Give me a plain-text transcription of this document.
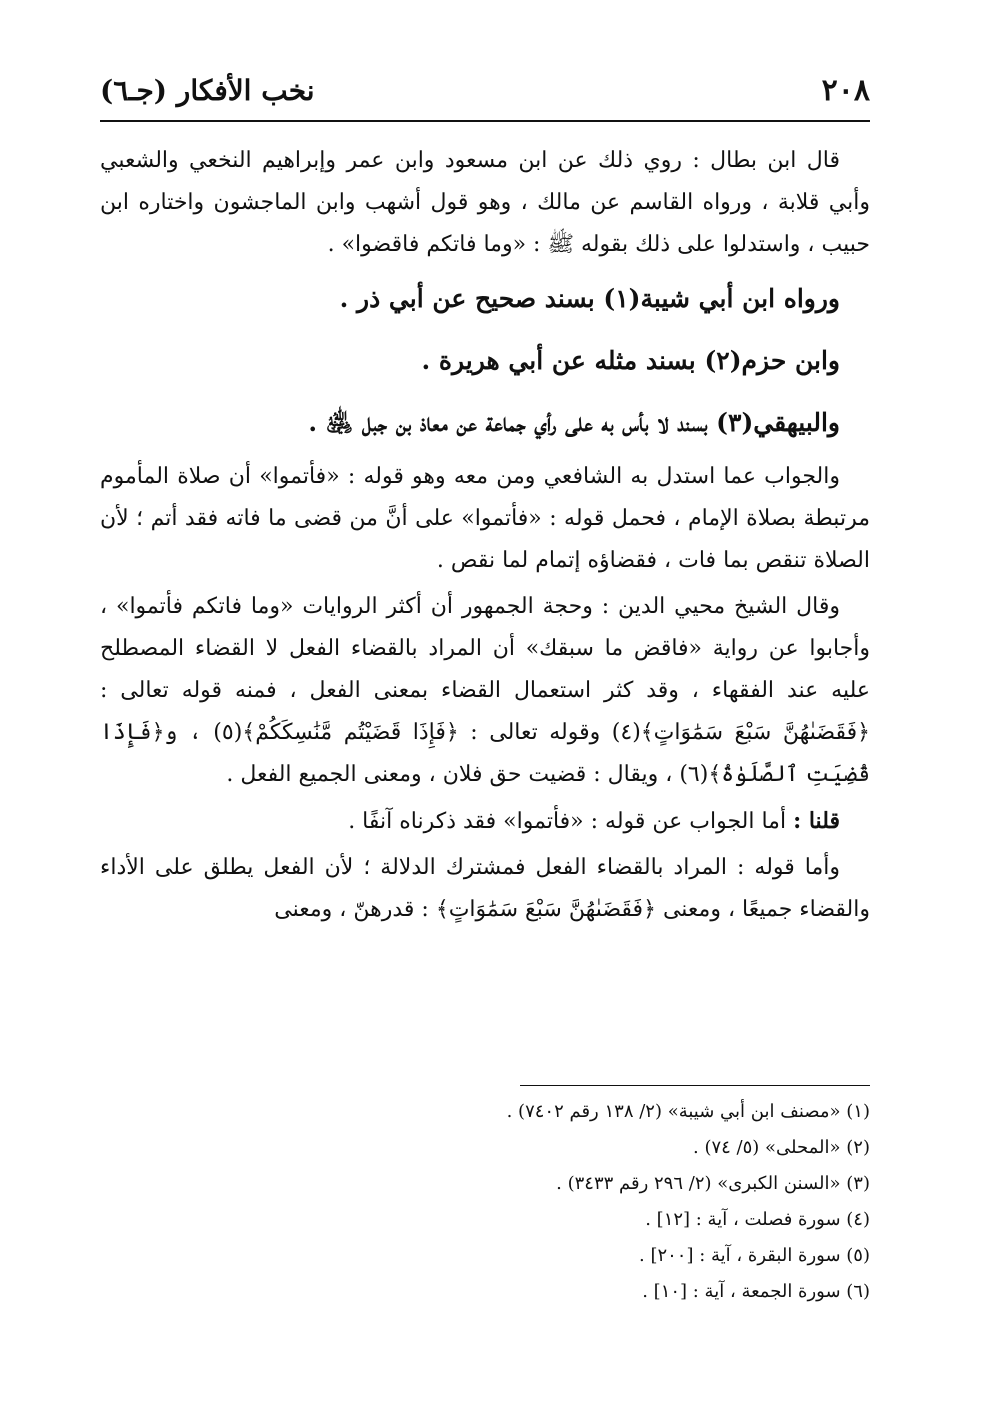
٢٠٨
نخب الأفكار (جـ٦)

قال ابن بطال : روي ذلك عن ابن مسعود وابن عمر وإبراهيم النخعي والشعبي وأبي قلابة ، ورواه القاسم عن مالك ، وهو قول أشهب وابن الماجشون واختاره ابن حبيب ، واستدلوا على ذلك بقوله ﷺ : «وما فاتكم فاقضوا» .

ورواه ابن أبي شيبة(١) بسند صحيح عن أبي ذر .

وابن حزم(٢) بسند مثله عن أبي هريرة .

والبيهقي(٣) بسند لا بأس به على رأي جماعة عن معاذ بن جبل ﵁ .

والجواب عما استدل به الشافعي ومن معه وهو قوله : «فأتموا» أن صلاة المأموم مرتبطة بصلاة الإمام ، فحمل قوله : «فأتموا» على أنَّ من قضى ما فاته فقد أتم ؛ لأن الصلاة تنقص بما فات ، فقضاؤه إتمام لما نقص .

وقال الشيخ محيي الدين : وحجة الجمهور أن أكثر الروايات «وما فاتكم فأتموا» ، وأجابوا عن رواية «فاقض ما سبقك» أن المراد بالقضاء الفعل لا القضاء المصطلح عليه عند الفقهاء ، وقد كثر استعمال القضاء بمعنى الفعل ، فمنه قوله تعالى : ﴿فَقَضَىٰهُنَّ سَبْعَ سَمَٰوَاتٍ﴾(٤) وقوله تعالى : ﴿فَإِذَا قَضَيْتُم مَّنَٰسِكَكُمْ﴾(٥) ، و﴿فَإِذَا قُضِيَتِ ٱلصَّلَوٰةُ﴾(٦) ، ويقال : قضيت حق فلان ، ومعنى الجميع الفعل .

قلنا : أما الجواب عن قوله : «فأتموا» فقد ذكرناه آنفًا .

وأما قوله : المراد بالقضاء الفعل فمشترك الدلالة ؛ لأن الفعل يطلق على الأداء والقضاء جميعًا ، ومعنى ﴿فَقَضَىٰهُنَّ سَبْعَ سَمَٰوَاتٍ﴾ : قدرهنّ ، ومعنى

(١) «مصنف ابن أبي شيبة» (٢/ ١٣٨ رقم ٧٤٠٢) .

(٢) «المحلى» (٥/ ٧٤) .

(٣) «السنن الكبرى» (٢/ ٢٩٦ رقم ٣٤٣٣) .

(٤) سورة فصلت ، آية : [١٢] .

(٥) سورة البقرة ، آية : [٢٠٠] .

(٦) سورة الجمعة ، آية : [١٠] .
